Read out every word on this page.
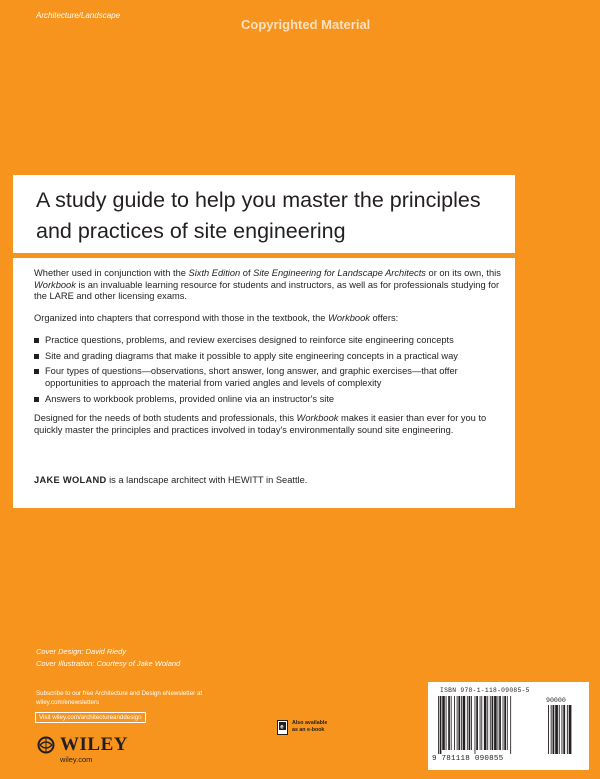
Architecture/Landscape
Copyrighted Material
A study guide to help you master the principles and practices of site engineering

Whether used in conjunction with the Sixth Edition of Site Engineering for Landscape Architects or on its own, this Workbook is an invaluable learning resource for students and instructors, as well as for professionals studying for the LARE and other licensing exams.

Organized into chapters that correspond with those in the textbook, the Workbook offers:

Practice questions, problems, and review exercises designed to reinforce site engineering concepts
Site and grading diagrams that make it possible to apply site engineering concepts in a practical way
Four types of questions—observations, short answer, long answer, and graphic exercises—that offer opportunities to approach the material from varied angles and levels of complexity
Answers to workbook problems, provided online via an instructor's site

Designed for the needs of both students and professionals, this Workbook makes it easier than ever for you to quickly master the principles and practices involved in today's environmentally sound site engineering.

JAKE WOLAND is a landscape architect with HEWITT in Seattle.
Cover Design: David Riedy
Cover Illustration: Courtesy of Jake Woland
Subscribe to our free Architecture and Design eNewsletter at
wiley.com/enewsletters
Visit wiley.com/architectureanddesign
WILEY
wiley.com
e
Also available
as an e-book
ISBN 978-1-118-09085-5
90000
9 781118 090855
